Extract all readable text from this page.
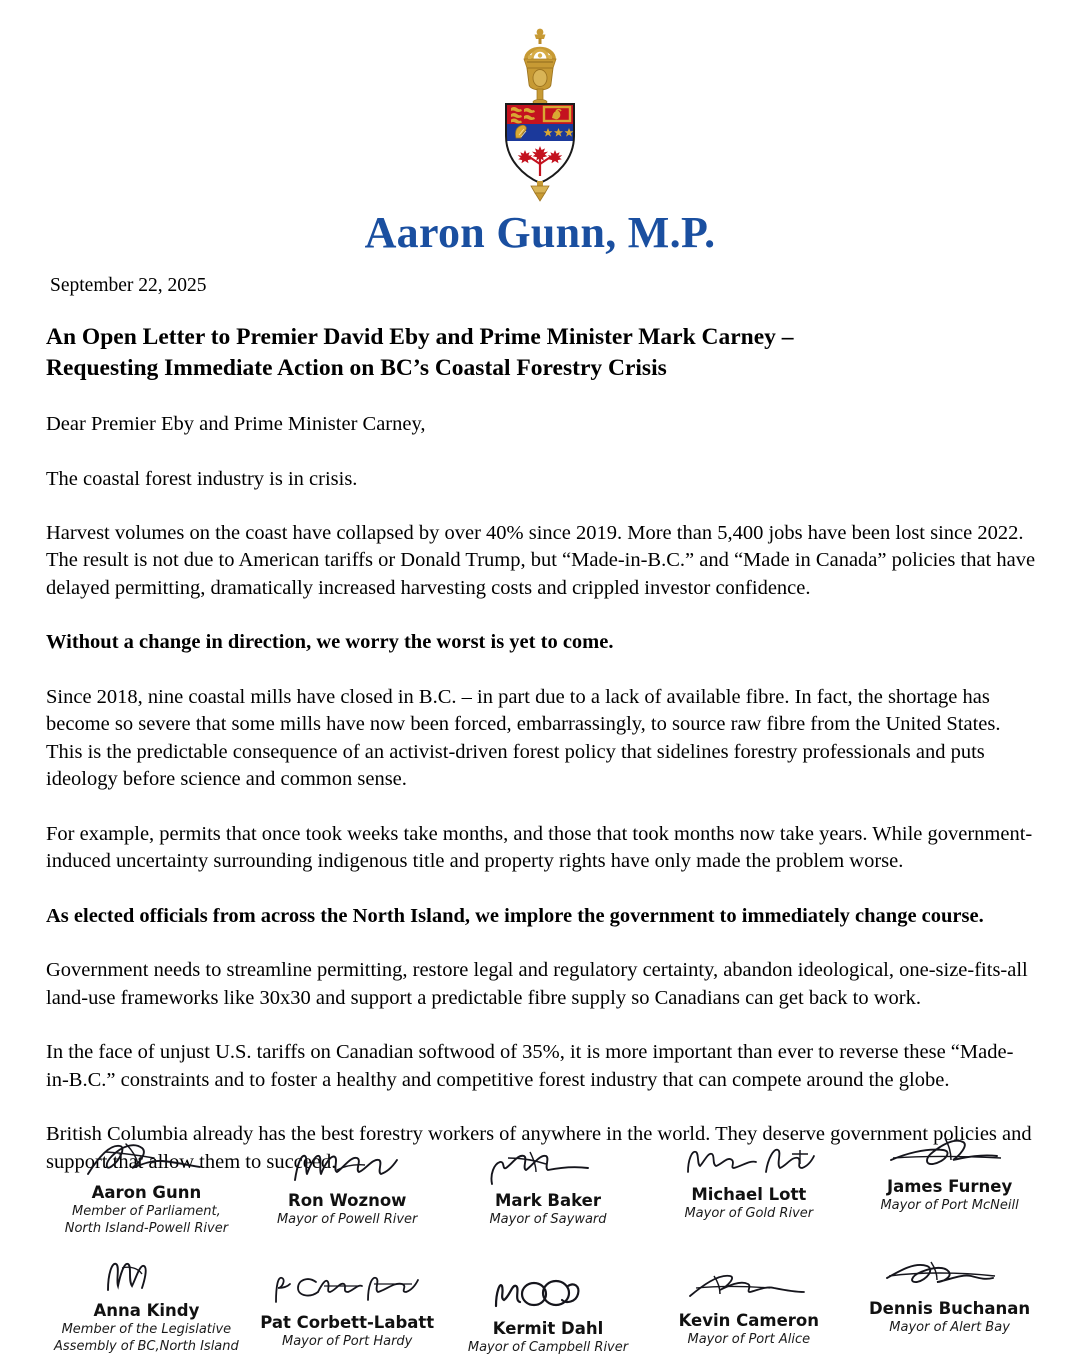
Aaron Gunn, M.P.
September 22, 2025
An Open Letter to Premier David Eby and Prime Minister Mark Carney –
Requesting Immediate Action on BC’s Coastal Forestry Crisis

Dear Premier Eby and Prime Minister Carney,

The coastal forest industry is in crisis.

Harvest volumes on the coast have collapsed by over 40% since 2019. More than 5,400 jobs have been lost since 2022. The result is not due to American tariffs or Donald Trump, but “Made-in-B.C.” and “Made in Canada” policies that have delayed permitting, dramatically increased harvesting costs and crippled investor confidence.

Without a change in direction, we worry the worst is yet to come.

Since 2018, nine coastal mills have closed in B.C. – in part due to a lack of available fibre. In fact, the shortage has become so severe that some mills have now been forced, embarrassingly, to source raw fibre from the United States. This is the predictable consequence of an activist-driven forest policy that sidelines forestry professionals and puts ideology before science and common sense.

For example, permits that once took weeks take months, and those that took months now take years. While government-induced uncertainty surrounding indigenous title and property rights have only made the problem worse.

As elected officials from across the North Island, we implore the government to immediately change course.

Government needs to streamline permitting, restore legal and regulatory certainty, abandon ideological, one-size-fits-all land-use frameworks like 30x30 and support a predictable fibre supply so Canadians can get back to work.

In the face of unjust U.S. tariffs on Canadian softwood of 35%, it is more important than ever to reverse these “Made-in-B.C.” constraints and to foster a healthy and competitive forest industry that can compete around the globe.

British Columbia already has the best forestry workers of anywhere in the world. They deserve government policies and support that allow them to succeed.

Aaron Gunn
Member of Parliament,
North Island-Powell River
Ron Woznow
Mayor of Powell River
Mark Baker
Mayor of Sayward
Michael Lott
Mayor of Gold River
James Furney
Mayor of Port McNeill
Anna Kindy
Member of the Legislative
Assembly of BC,North Island
Pat Corbett-Labatt
Mayor of Port Hardy
Kermit Dahl
Mayor of Campbell River
Kevin Cameron
Mayor of Port Alice
Dennis Buchanan
Mayor of Alert Bay
